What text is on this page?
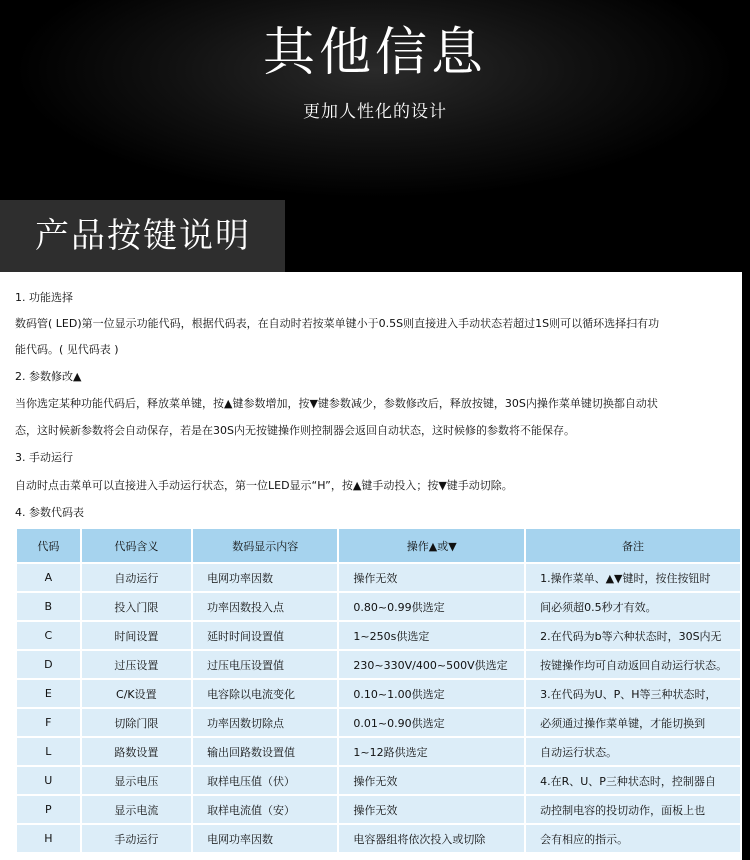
其他信息
更加人性化的设计
产品按键说明
1. 功能选择
数码管( LED)第一位显示功能代码，根据代码表，在自动时若按菜单键小于0.5S则直接进入手动状态若超过1S则可以循环选择扫有功
能代码。( 见代码表 )
2. 参数修改▲
当你选定某种功能代码后，释放菜单键，按▲键参数增加，按▼键参数减少，参数修改后，释放按键，30S内操作菜单键切换都自动状
态，这时候新参数将会自动保存，若是在30S内无按键操作则控制器会返回自动状态，这时候修的参数将不能保存。
3. 手动运行
自动时点击菜单可以直接进入手动运行状态，第一位LED显示“H”，按▲键手动投入；按▼键手动切除。
4. 参数代码表
代码	代码含义	数码显示内容	操作▲或▼	备注
A	自动运行	电网功率因数	操作无效	1.操作菜单、▲▼键时，按住按钮时
B	投入门限	功率因数投入点	0.80~0.99供选定	间必须超0.5秒才有效。
C	时间设置	延时时间设置值	1~250s供选定	2.在代码为b等六种状态时，30S内无
D	过压设置	过压电压设置值	230~330V/400~500V供选定	按键操作均可自动返回自动运行状态。
E	C/K设置	电容除以电流变化	0.10~1.00供选定	3.在代码为U、P、H等三种状态时，
F	切除门限	功率因数切除点	0.01~0.90供选定	必须通过操作菜单键，才能切换到
L	路数设置	输出回路数设置值	1~12路供选定	自动运行状态。
U	显示电压	取样电压值（伏）	操作无效	4.在R、U、P三种状态时，控制器自
P	显示电流	取样电流值（安）	操作无效	动控制电容的投切动作，面板上也
H	手动运行	电网功率因数	电容器组将依次投入或切除	会有相应的指示。
